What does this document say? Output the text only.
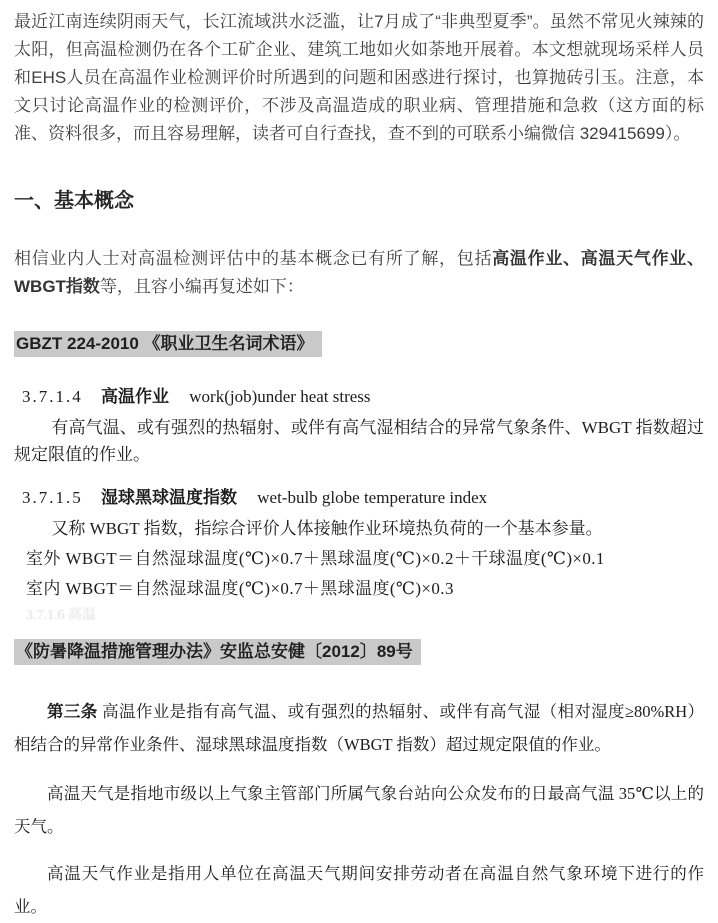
最近江南连续阴雨天气，长江流域洪水泛滥，让7月成了“非典型夏季”。虽然不常见火辣辣的太阳，但高温检测仍在各个工矿企业、建筑工地如火如荼地开展着。本文想就现场采样人员和EHS人员在高温作业检测评价时所遇到的问题和困惑进行探讨，也算抛砖引玉。注意，本文只讨论高温作业的检测评价，不涉及高温造成的职业病、管理措施和急救（这方面的标准、资料很多，而且容易理解，读者可自行查找，查不到的可联系小编微信 329415699）。

一、基本概念

相信业内人士对高温检测评估中的基本概念已有所了解，包括高温作业、高温天气作业、WBGT指数等，且容小编再复述如下：

GBZT 224-2010 《职业卫生名词术语》
3.7.1.4 高温作业 work(job)under heat stress
有高气温、或有强烈的热辐射、或伴有高气湿相结合的异常气象条件、WBGT 指数超过规定限值的作业。
3.7.1.5 湿球黑球温度指数 wet-bulb globe temperature index
又称 WBGT 指数，指综合评价人体接触作业环境热负荷的一个基本参量。
室外 WBGT＝自然湿球温度(℃)×0.7＋黑球温度(℃)×0.2＋干球温度(℃)×0.1
室内 WBGT＝自然湿球温度(℃)×0.7＋黑球温度(℃)×0.3
3.7.1.6 高温
《防暑降温措施管理办法》安监总安健〔2012〕89号

第三条 高温作业是指有高气温、或有强烈的热辐射、或伴有高气湿（相对湿度≥80%RH）相结合的异常作业条件、湿球黑球温度指数（WBGT 指数）超过规定限值的作业。

高温天气是指地市级以上气象主管部门所属气象台站向公众发布的日最高气温 35℃以上的天气。

高温天气作业是指用人单位在高温天气期间安排劳动者在高温自然气象环境下进行的作业。
